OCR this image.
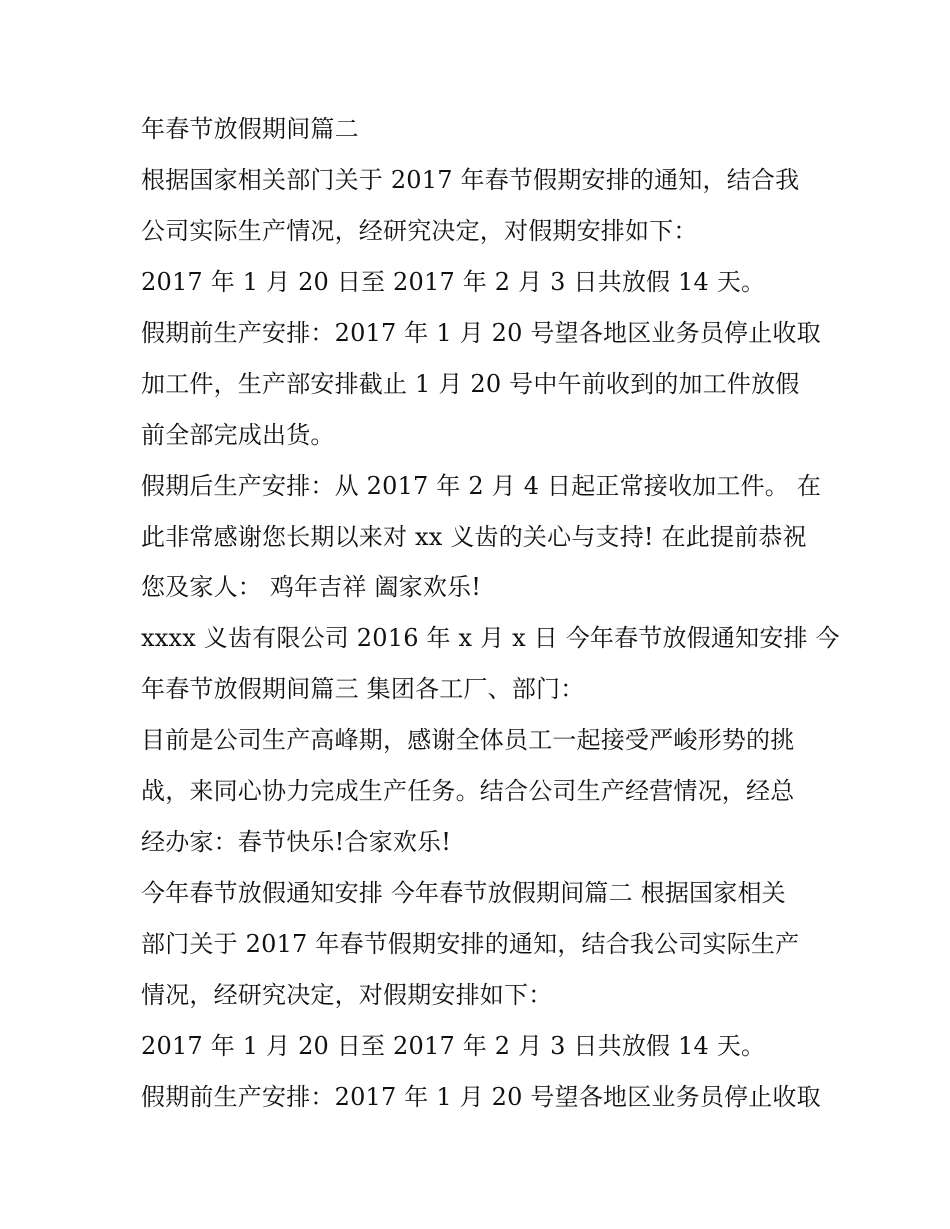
年春节放假期间篇二
根据国家相关部门关于 2017 年春节假期安排的通知，结合我
公司实际生产情况，经研究决定，对假期安排如下：
2017 年 1 月 20 日至 2017 年 2 月 3 日共放假 14 天。
假期前生产安排：2017 年 1 月 20 号望各地区业务员停止收取
加工件，生产部安排截止 1 月 20 号中午前收到的加工件放假
前全部完成出货。
假期后生产安排：从 2017 年 2 月 4 日起正常接收加工件。 在
此非常感谢您长期以来对 xx 义齿的关心与支持! 在此提前恭祝
您及家人： 鸡年吉祥 阖家欢乐!
xxxx 义齿有限公司 2016 年 x 月 x 日 今年春节放假通知安排 今
年春节放假期间篇三 集团各工厂、部门：
目前是公司生产高峰期，感谢全体员工一起接受严峻形势的挑
战，来同心协力完成生产任务。结合公司生产经营情况，经总
经办家：春节快乐!合家欢乐!
今年春节放假通知安排 今年春节放假期间篇二 根据国家相关
部门关于 2017 年春节假期安排的通知，结合我公司实际生产
情况，经研究决定，对假期安排如下：
2017 年 1 月 20 日至 2017 年 2 月 3 日共放假 14 天。
假期前生产安排：2017 年 1 月 20 号望各地区业务员停止收取
